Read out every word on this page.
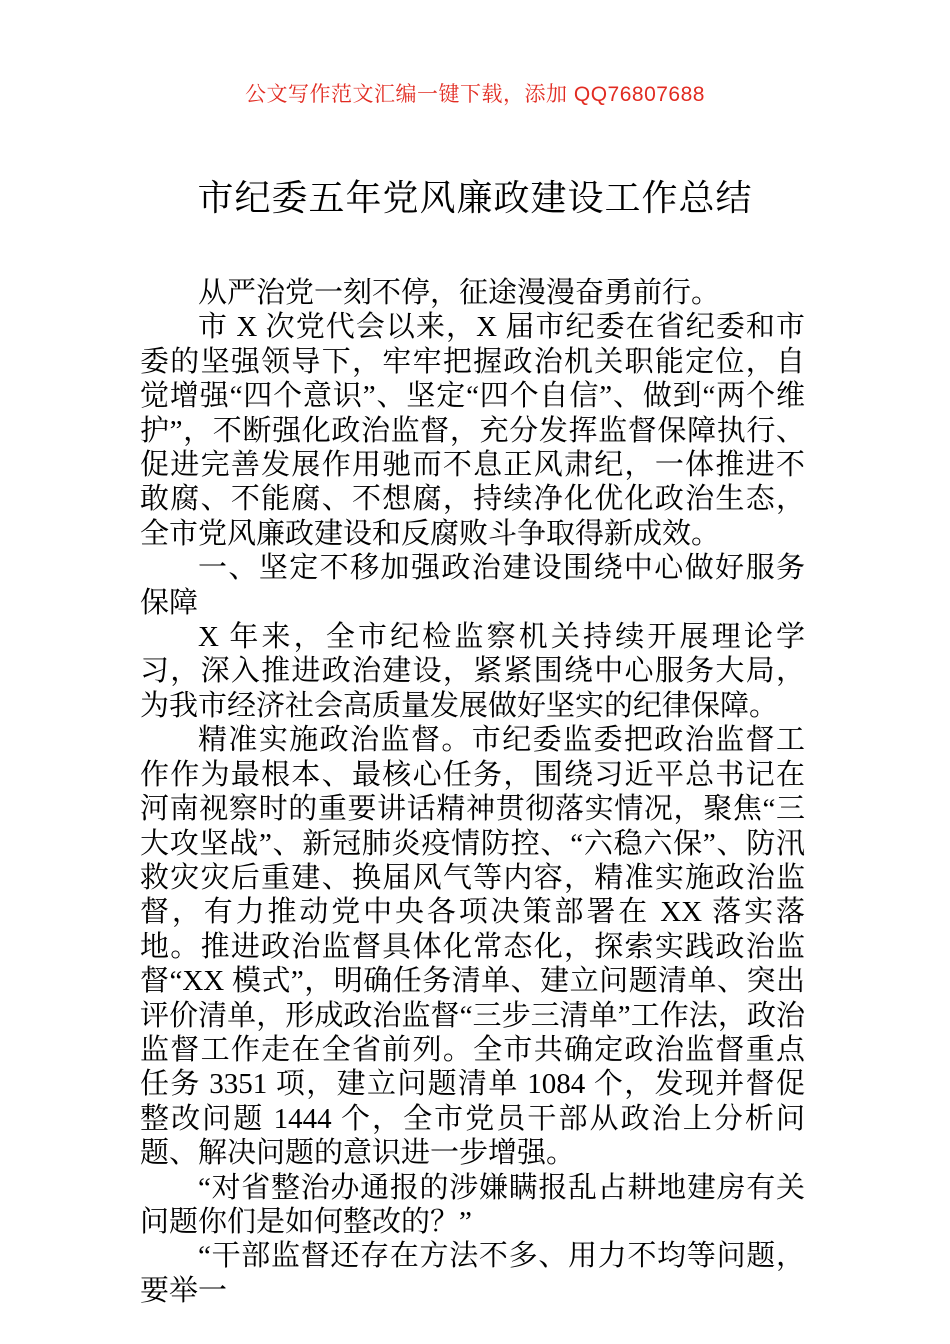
公文写作范文汇编一键下载，添加 QQ76807688
市纪委五年党风廉政建设工作总结

从严治党一刻不停，征途漫漫奋勇前行。

市 X 次党代会以来，X 届市纪委在省纪委和市委的坚强领导下，牢牢把握政治机关职能定位，自觉增强“四个意识”、坚定“四个自信”、做到“两个维护”，不断强化政治监督，充分发挥监督保障执行、促进完善发展作用驰而不息正风肃纪，一体推进不敢腐、不能腐、不想腐，持续净化优化政治生态，全市党风廉政建设和反腐败斗争取得新成效。

一、坚定不移加强政治建设围绕中心做好服务保障

X 年来，全市纪检监察机关持续开展理论学习，深入推进政治建设，紧紧围绕中心服务大局，为我市经济社会高质量发展做好坚实的纪律保障。

精准实施政治监督。市纪委监委把政治监督工作作为最根本、最核心任务，围绕习近平总书记在河南视察时的重要讲话精神贯彻落实情况，聚焦“三大攻坚战”、新冠肺炎疫情防控、“六稳六保”、防汛救灾灾后重建、换届风气等内容，精准实施政治监督，有力推动党中央各项决策部署在 XX 落实落地。推进政治监督具体化常态化，探索实践政治监督“XX 模式”，明确任务清单、建立问题清单、突出评价清单，形成政治监督“三步三清单”工作法，政治监督工作走在全省前列。全市共确定政治监督重点任务 3351 项，建立问题清单 1084 个，发现并督促整改问题 1444 个，全市党员干部从政治上分析问题、解决问题的意识进一步增强。

“对省整治办通报的涉嫌瞒报乱占耕地建房有关问题你们是如何整改的？”

“干部监督还存在方法不多、用力不均等问题，要举一
